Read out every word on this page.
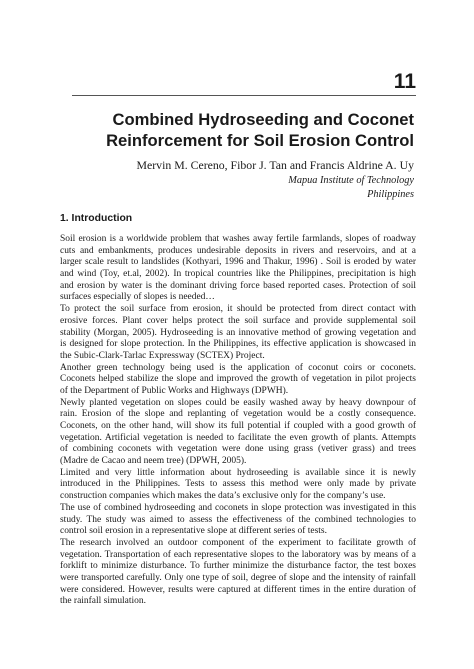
11

Combined Hydroseeding and Coconet
Reinforcement for Soil Erosion Control

Mervin M. Cereno, Fibor J. Tan and Francis Aldrine A. Uy

Mapua Institute of Technology

Philippines

1. Introduction
Soil erosion is a worldwide problem that washes away fertile farmlands, slopes of roadway
cuts and embankments, produces undesirable deposits in rivers and reservoirs, and at a
larger scale result to landslides (Kothyari, 1996 and Thakur, 1996) . Soil is eroded by water
and wind (Toy, et.al, 2002). In tropical countries like the Philippines, precipitation is high
and erosion by water is the dominant driving force based reported cases. Protection of soil
surfaces especially of slopes is needed…
To protect the soil surface from erosion, it should be protected from direct contact with
erosive forces. Plant cover helps protect the soil surface and provide supplemental soil
stability (Morgan, 2005). Hydroseeding is an innovative method of growing vegetation and
is designed for slope protection. In the Philippines, its effective application is showcased in
the Subic-Clark-Tarlac Expressway (SCTEX) Project.
Another green technology being used is the application of coconut coirs or coconets.
Coconets helped stabilize the slope and improved the growth of vegetation in pilot projects
of the Department of Public Works and Highways (DPWH).
Newly planted vegetation on slopes could be easily washed away by heavy downpour of
rain. Erosion of the slope and replanting of vegetation would be a costly consequence.
Coconets, on the other hand, will show its full potential if coupled with a good growth of
vegetation. Artificial vegetation is needed to facilitate the even growth of plants. Attempts
of combining coconets with vegetation were done using grass (vetiver grass) and trees
(Madre de Cacao and neem tree) (DPWH, 2005).
Limited and very little information about hydroseeding is available since it is newly
introduced in the Philippines. Tests to assess this method were only made by private
construction companies which makes the data’s exclusive only for the company’s use.
The use of combined hydroseeding and coconets in slope protection was investigated in this
study. The study was aimed to assess the effectiveness of the combined technologies to
control soil erosion in a representative slope at different series of tests.
The research involved an outdoor component of the experiment to facilitate growth of
vegetation. Transportation of each representative slopes to the laboratory was by means of a
forklift to minimize disturbance. To further minimize the disturbance factor, the test boxes
were transported carefully. Only one type of soil, degree of slope and the intensity of rainfall
were considered. However, results were captured at different times in the entire duration of
the rainfall simulation.
